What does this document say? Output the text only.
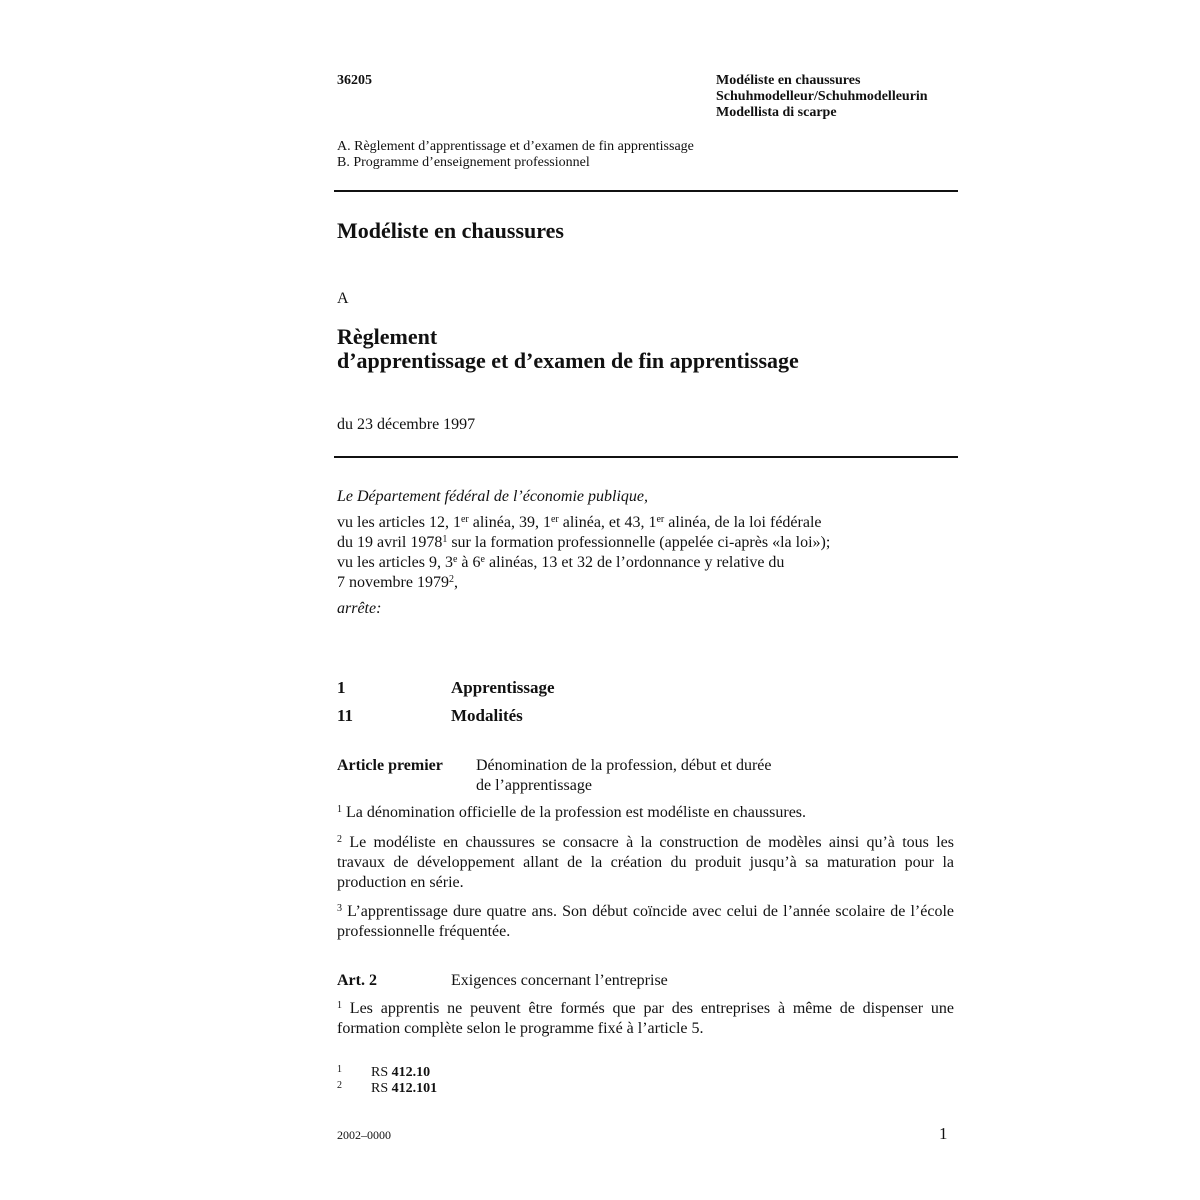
36205	Modéliste en chaussures
Schuhmodelleur/Schuhmodelleurin
Modellista di scarpe
A. Règlement d’apprentissage et d’examen de fin apprentissage
B. Programme d’enseignement professionnel
Modéliste en chaussures
A
Règlement
d’apprentissage et d’examen de fin apprentissage
du 23 décembre 1997

Le Département fédéral de l’économie publique,

vu les articles 12, 1er alinéa, 39, 1er alinéa, et 43, 1er alinéa, de la loi fédérale

du 19 avril 1978$^1$ sur la formation professionnelle (appelée ci-après «la loi»);

vu les articles 9, 3e à 6e alinéas, 13 et 32 de l’ordonnance y relative du

7 novembre 1979$^2$,

arrête:

1	Apprentissage
11	Modalités
Article premier Dénomination de la profession, début et durée
de l’apprentissage

$^1$ La dénomination officielle de la profession est modéliste en chaussures.

$^2$ Le modéliste en chaussures se consacre à la construction de modèles ainsi qu’à tous les travaux de développement allant de la création du produit jusqu’à sa maturation pour la production en série.

$^3$ L’apprentissage dure quatre ans. Son début coïncide avec celui de l’année scolaire de l’école professionnelle fréquentée.

Art. 2	Exigences concernant l’entreprise

$^1$ Les apprentis ne peuvent être formés que par des entreprises à même de dispenser une formation complète selon le programme fixé à l’article 5.

1 RS 412.10
2 RS 412.101
2002–0000	1
